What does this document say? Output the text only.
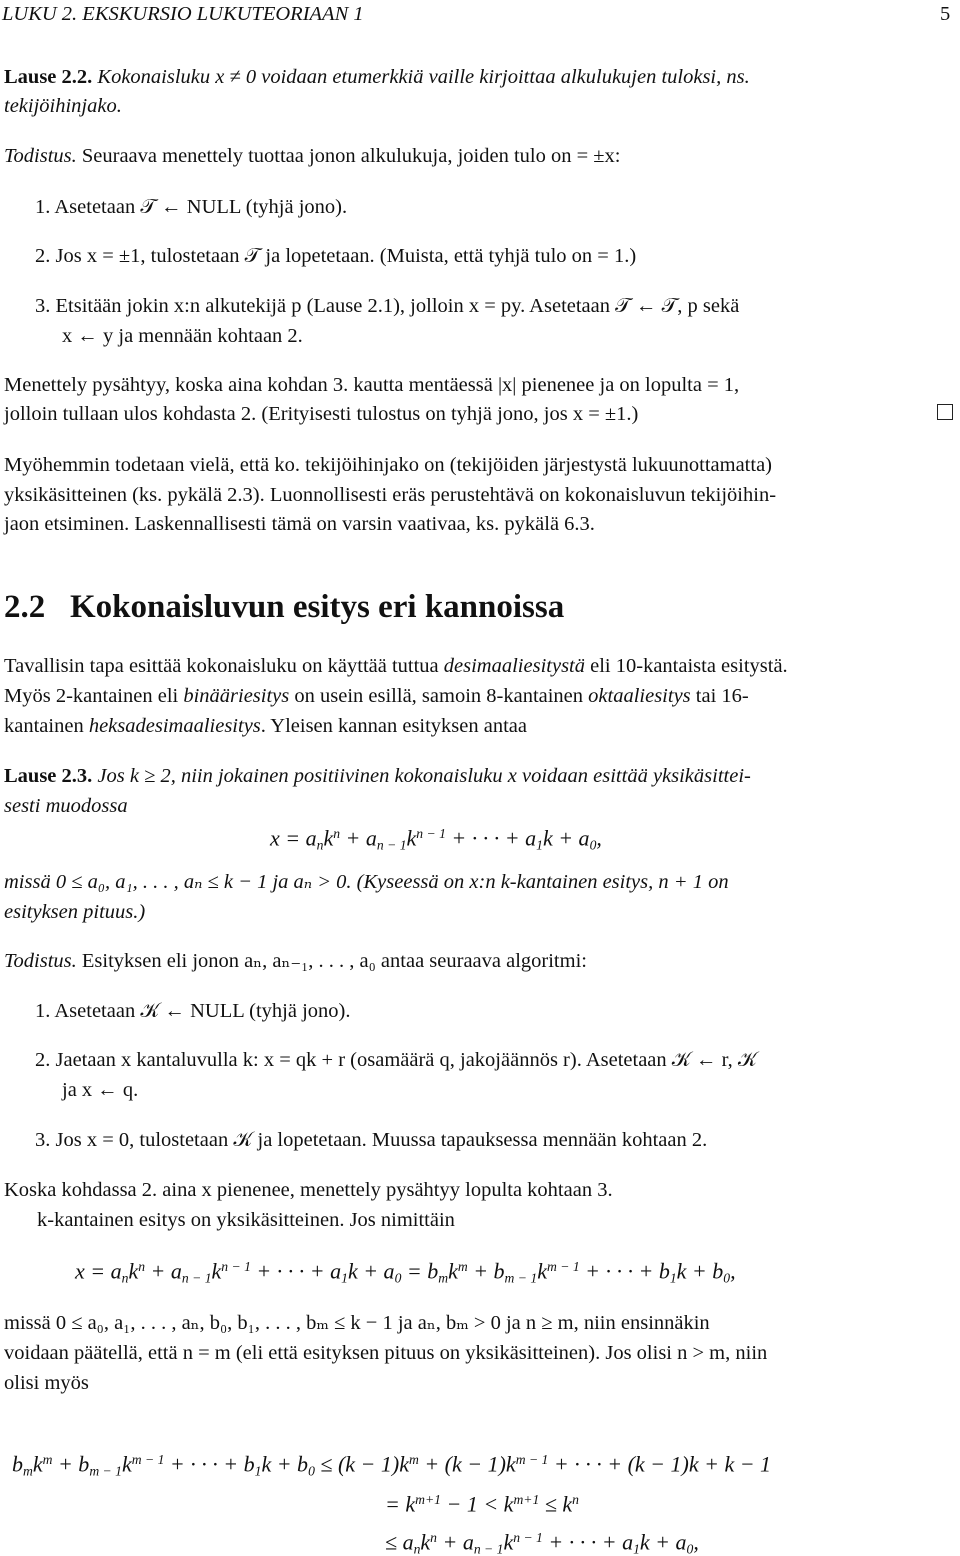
LUKU 2. EKSKURSIO LUKUTEORIAAN 1	5
Lause 2.2. Kokonaisluku x ≠ 0 voidaan etumerkkiä vaille kirjoittaa alkulukujen tuloksi, ns.
tekijöihinjako.
Todistus. Seuraava menettely tuottaa jonon alkulukuja, joiden tulo on = ±x:
1. Asetetaan 𝒯 ← NULL (tyhjä jono).
2. Jos x = ±1, tulostetaan 𝒯 ja lopetetaan. (Muista, että tyhjä tulo on = 1.)
3. Etsitään jokin x:n alkutekijä p (Lause 2.1), jolloin x = py. Asetetaan 𝒯 ← 𝒯, p sekä
x ← y ja mennään kohtaan 2.
Menettely pysähtyy, koska aina kohdan 3. kautta mentäessä |x| pienenee ja on lopulta = 1,
jolloin tullaan ulos kohdasta 2. (Erityisesti tulostus on tyhjä jono, jos x = ±1.)
Myöhemmin todetaan vielä, että ko. tekijöihinjako on (tekijöiden järjestystä lukuunottamatta)
yksikäsitteinen (ks. pykälä 2.3). Luonnollisesti eräs perustehtävä on kokonaisluvun tekijöihin-
jaon etsiminen. Laskennallisesti tämä on varsin vaativaa, ks. pykälä 6.3.
2.2 Kokonaisluvun esitys eri kannoissa
Tavallisin tapa esittää kokonaisluku on käyttää tuttua desimaaliesitystä eli 10-kantaista esitystä.
Myös 2-kantainen eli binääriesitys on usein esillä, samoin 8-kantainen oktaaliesitys tai 16-
kantainen heksadesimaaliesitys. Yleisen kannan esityksen antaa
Lause 2.3. Jos k ≥ 2, niin jokainen positiivinen kokonaisluku x voidaan esittää yksikäsittei-
sesti muodossa
$x = a_nk^n + a_{n - 1}k^{n - 1}$ + · · · + $a_1k + a_0$,
missä 0 ≤ a₀, a₁, . . . , aₙ ≤ k − 1 ja aₙ > 0. (Kyseessä on x:n k-kantainen esitys, n + 1 on
esityksen pituus.)
Todistus. Esityksen eli jonon aₙ, aₙ₋₁, . . . , a₀ antaa seuraava algoritmi:
1. Asetetaan 𝒦 ← NULL (tyhjä jono).
2. Jaetaan x kantaluvulla k: x = qk + r (osamäärä q, jakojäännös r). Asetetaan 𝒦 ← r, 𝒦
ja x ← q.
3. Jos x = 0, tulostetaan 𝒦 ja lopetetaan. Muussa tapauksessa mennään kohtaan 2.
Koska kohdassa 2. aina x pienenee, menettely pysähtyy lopulta kohtaan 3.
k-kantainen esitys on yksikäsitteinen. Jos nimittäin
$x = a_nk^n + a_{n - 1}k^{n - 1}$ + · · · + $a_1k + a_0 = b_mk^m + b_{m - 1}k^{m - 1}$ + · · · + $b_1k + b_0$,
missä 0 ≤ a₀, a₁, . . . , aₙ, b₀, b₁, . . . , bₘ ≤ k − 1 ja aₙ, bₘ > 0 ja n ≥ m, niin ensinnäkin
voidaan päätellä, että n = m (eli että esityksen pituus on yksikäsitteinen). Jos olisi n > m, niin
olisi myös
$b_mk^m + b_{m - 1}k^{m - 1}$ + · · · + $b_1k + b_0 \le (k - 1)k^m + (k - 1)k^{m - 1}$ + · · · + (k − 1)k + k − 1
= $k^{m+1} - 1 < k^{m+1} \le k^n$
≤ $a_nk^n + a_{n - 1}k^{n - 1}$ + · · · + $a_1k + a_0$,
